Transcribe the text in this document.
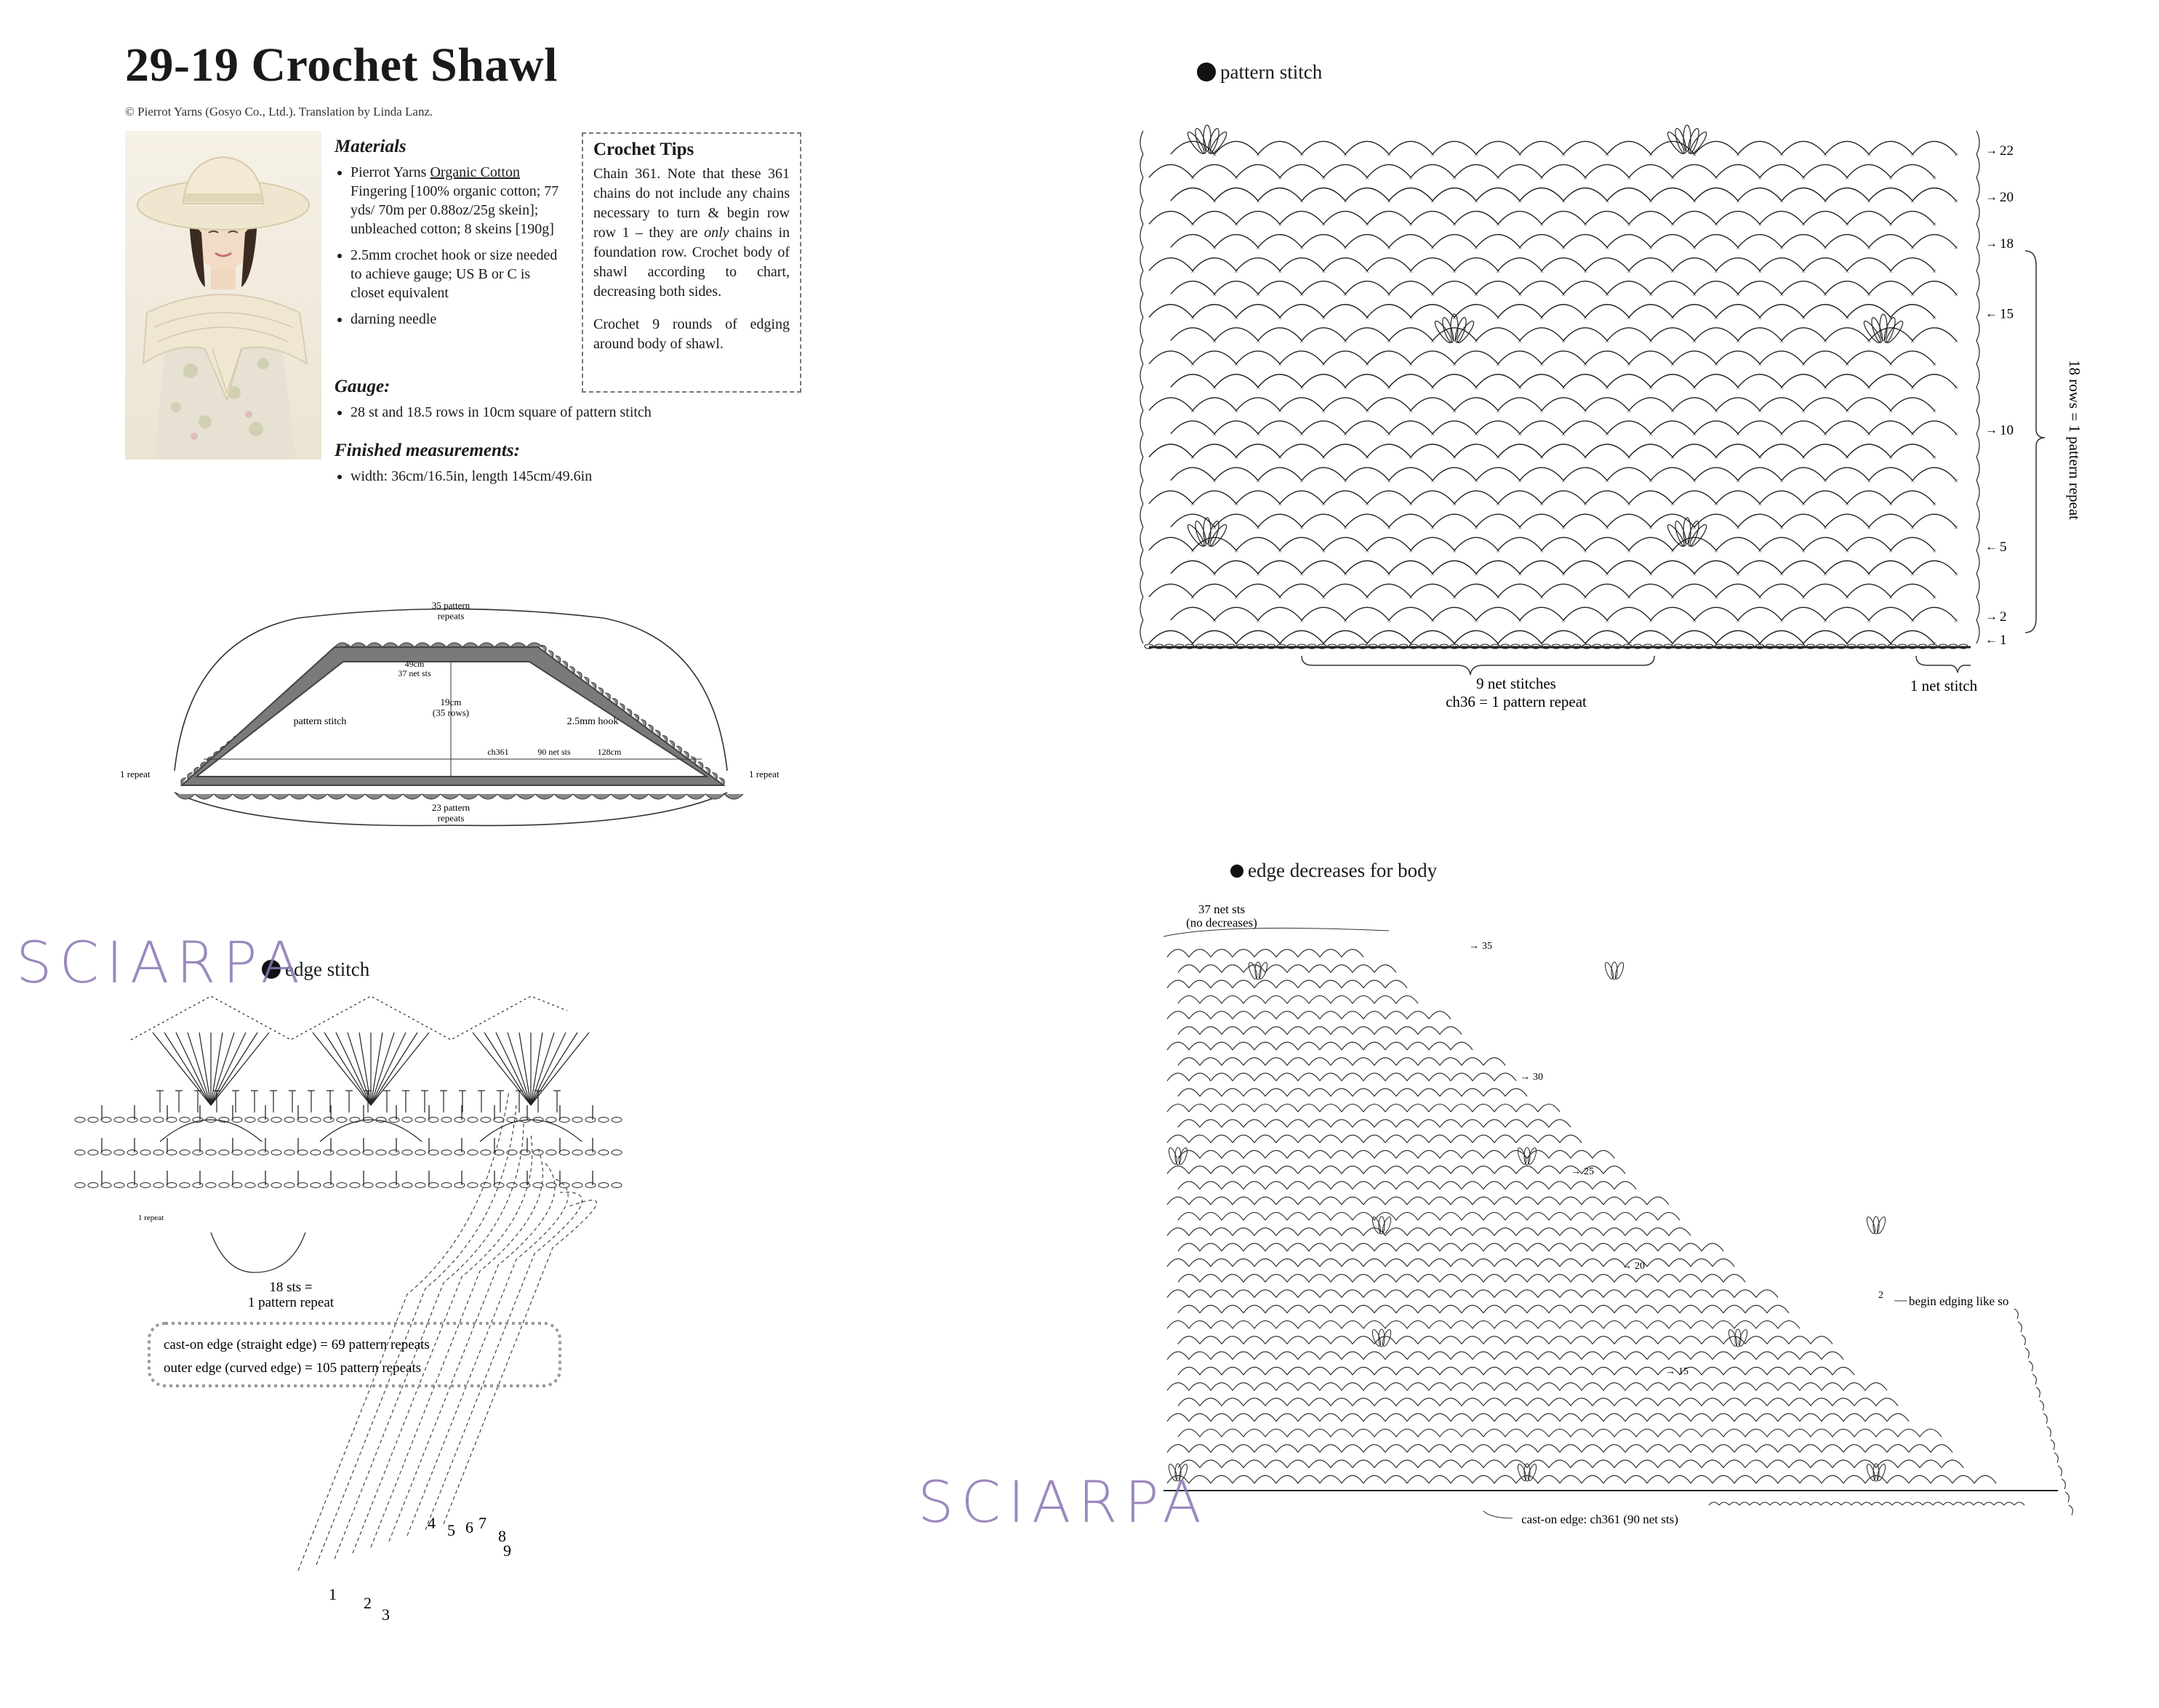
29-19 Crochet Shawl
© Pierrot Yarns (Gosyo Co., Ltd.). Translation by Linda Lanz.
Materials
• Pierrot Yarns Organic Cotton Fingering [100% organic cotton; 77 yds/ 70m per 0.88oz/25g skein]; unbleached cotton; 8 skeins [190g]
• 2.5mm crochet hook or size needed to achieve gauge; US B or C is closet equivalent
• darning needle
Gauge:
• 28 st and 18.5 rows in 10cm square of pattern stitch
Finished measurements:
• width: 36cm/16.5in, length 145cm/49.6in
Crochet Tips

Chain 361. Note that these 361 chains do not include any chains necessary to turn & begin row row 1 – they are only chains in foundation row. Crochet body of shawl according to chart, decreasing both sides.

Crochet 9 rounds of edging around body of shawl.

35 pattern repeats
49cm 37 net sts
19cm (35 rows)
pattern stitch	2.5mm hook
ch361	90 net sts	128cm
1 repeat	1 repeat
23 pattern repeats
pattern stitch
×	×	×	×	×	×	×	×	×	×	×	×	×	×	×	×	×	×
×	×	×	×	×	×	×	×	×	×	×	×	×	×	×	×	×	×
×	×	×	×	×	×	×	×	×	×	×	×	×	×	×	×	×	×
×	×	×	×	×	×	×	×	×	×	×	×	×	×	×	×	×	×
×	×	×	×	×	×	×	×	×	×	×	×	×	×	×	×	×	×
×	×	×	×	×	×	×	×	×	×	×	×	×	×	×	×	×	×
×	×	×	×	×	×	×	×	×	×	×	×	×	×	×	×	×	×
×	×	×	×	×	×	×	×	×	×	×	×	×	×	×	×	×	×
×	×	×	×	×	×	×	×	×	×	×	×	×	×	×	×	×	×
×	×	×	×	×	×	×	×	×	×	×	×	×	×	×	×	×	×
×	×	×	×	×	×	×	×	×	×	×	×	×	×	×	×	×	×
×	×	×	×	×	×	×	×	×	×	×	×	×	×	×	×	×	×
×	×	×	×	×	×	×	×	×	×	×	×	×	×	×	×	×	×
×	×	×	×	×	×	×	×	×	×	×	×	×	×	×	×	×	×
×	×	×	×	×	×	×	×	×	×	×	×	×	×	×	×	×	×
×	×	×	×	×	×	×	×	×	×	×	×	×	×	×	×	×	×
×	×	×	×	×	×	×	×	×	×	×	×	×	×	×	×	×	×
×	×	×	×	×	×	×	×	×	×	×	×	×	×	×	×	×	×
×	×	×	×	×	×	×	×	×	×	×	×	×	×	×	×	×	×
×	×	×	×	×	×	×	×	×	×	×	×	×	×	×	×	×	×
×	×	×	×	×	×	×	×	×	×	×	×	×	×	×	×	×	×
×	×	×	×	×	×	×	×	×	×	×	×	×	×	×	×	×	× → 22
→ 20
→ 18
← 15
→ 10
← 5
→ 2
← 1
18 rows = 1 pattern repeat
9 net stitches
ch36 = 1 pattern repeat
1 net stitch
edge decreases for body
37 net sts (no decreases)
→ 35
→ 30
→ 25
→ 20
→ 15
2 begin edging like so
cast-on edge: ch361 (90 net sts)
edge stitch
1 repeat
18 sts = 1 pattern repeat
cast-on edge (straight edge) = 69 pattern repeats
outer edge (curved edge) = 105 pattern repeats
1 2
3
4 5 6 7
8
9
SCIARPA
SCIARPA
